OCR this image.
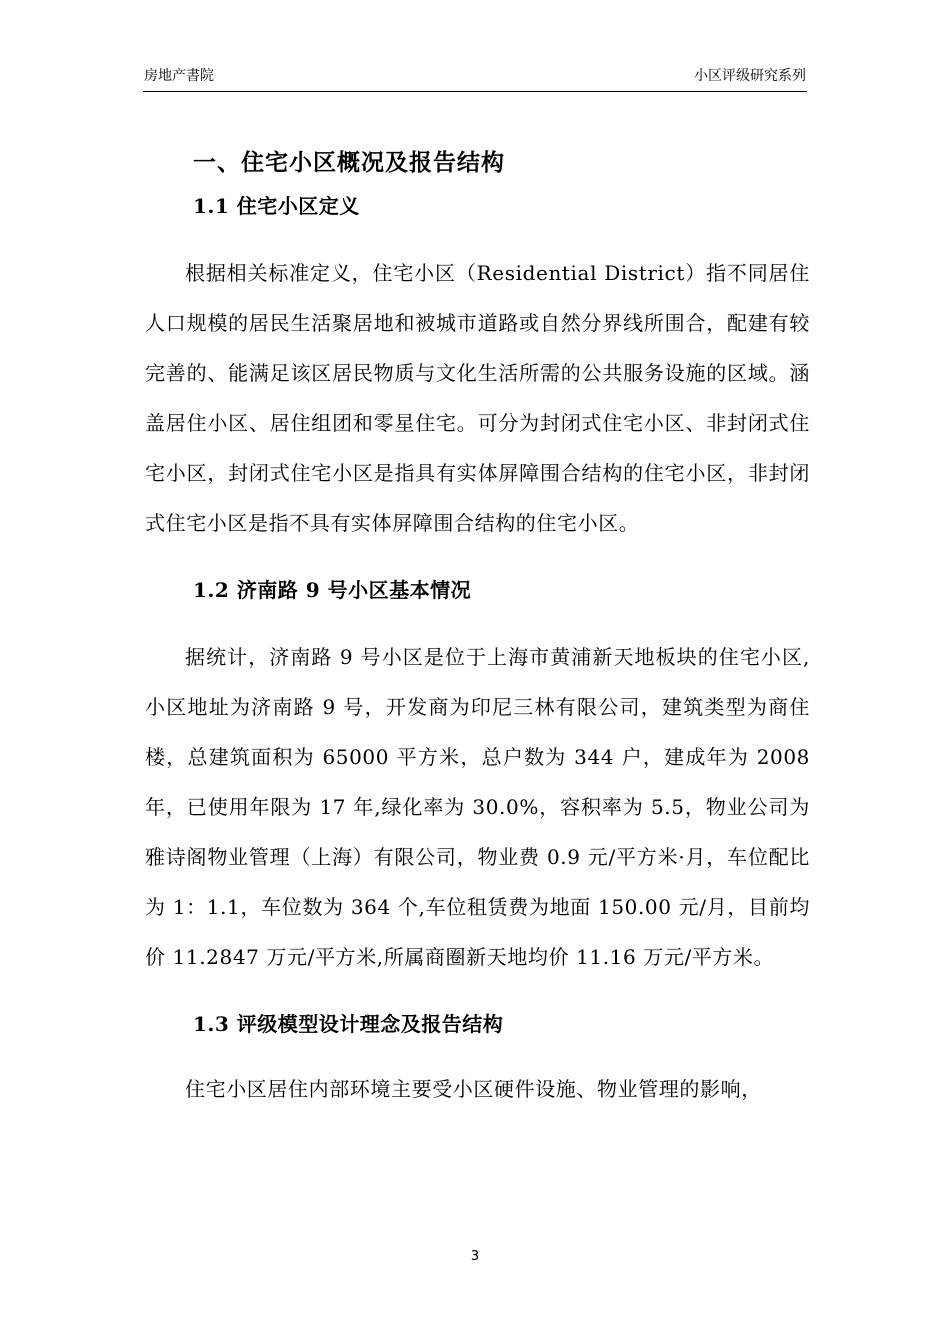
房地产書院	小区评级研究系列
一、住宅小区概况及报告结构
1.1 住宅小区定义

根据相关标准定义，住宅小区（Residential District）指不同居住人口规模的居民生活聚居地和被城市道路或自然分界线所围合，配建有较完善的、能满足该区居民物质与文化生活所需的公共服务设施的区域。涵盖居住小区、居住组团和零星住宅。可分为封闭式住宅小区、非封闭式住宅小区，封闭式住宅小区是指具有实体屏障围合结构的住宅小区，非封闭式住宅小区是指不具有实体屏障围合结构的住宅小区。

1.2 济南路 9 号小区基本情况

据统计，济南路 9 号小区是位于上海市黄浦新天地板块的住宅小区,小区地址为济南路 9 号，开发商为印尼三林有限公司，建筑类型为商住楼，总建筑面积为 65000 平方米，总户数为 344 户，建成年为 2008 年，已使用年限为 17 年,绿化率为 30.0%，容积率为 5.5，物业公司为雅诗阁物业管理（上海）有限公司，物业费 0.9 元/平方米·月，车位配比为 1：1.1，车位数为 364 个,车位租赁费为地面 150.00 元/月，目前均价 11.2847 万元/平方米,所属商圈新天地均价 11.16 万元/平方米。

1.3 评级模型设计理念及报告结构

住宅小区居住内部环境主要受小区硬件设施、物业管理的影响，

3
